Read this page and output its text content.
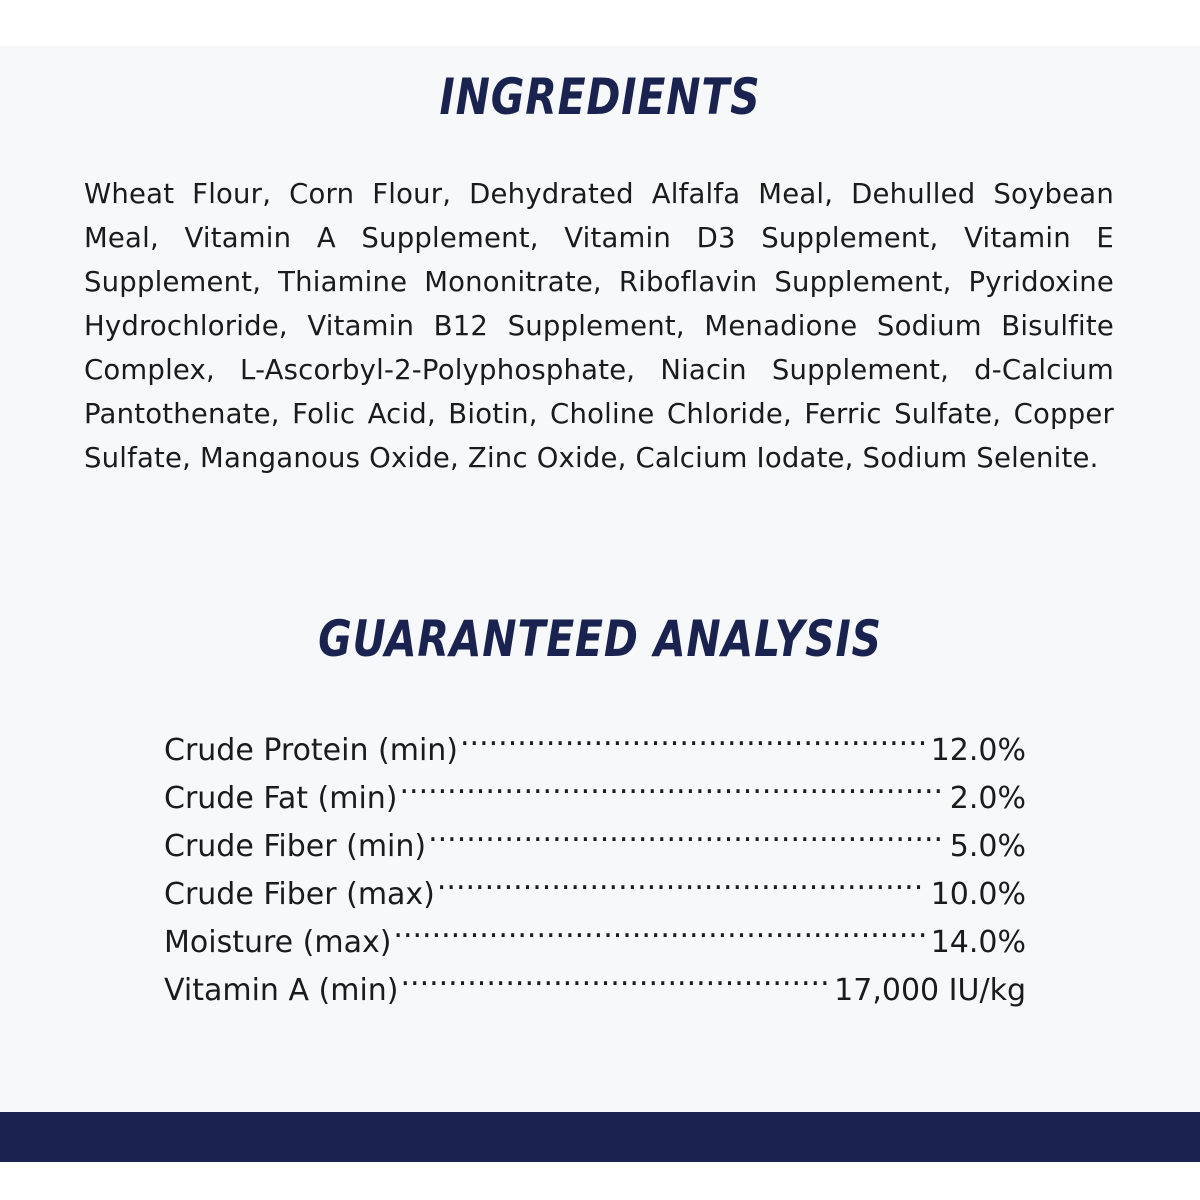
INGREDIENTS

Wheat Flour, Corn Flour, Dehydrated Alfalfa Meal, Dehulled Soybean Meal, Vitamin A Supplement, Vitamin D3 Supplement, Vitamin E Supplement, Thiamine Mononitrate, Riboflavin Supplement, Pyridoxine Hydrochloride, Vitamin B12 Supplement, Menadione Sodium Bisulfite Complex, L-Ascorbyl-2-Polyphosphate, Niacin Supplement, d-Calcium Pantothenate, Folic Acid, Biotin, Choline Chloride, Ferric Sulfate, Copper Sulfate, Manganous Oxide, Zinc Oxide, Calcium Iodate, Sodium Selenite.

GUARANTEED ANALYSIS
Crude Protein (min) .....	12.0%
Crude Fat (min) .....	2.0%
Crude Fiber (min) .....	5.0%
Crude Fiber (max) .....	10.0%
Moisture (max) .....	14.0%
Vitamin A (min) .....	17,000 IU/kg
